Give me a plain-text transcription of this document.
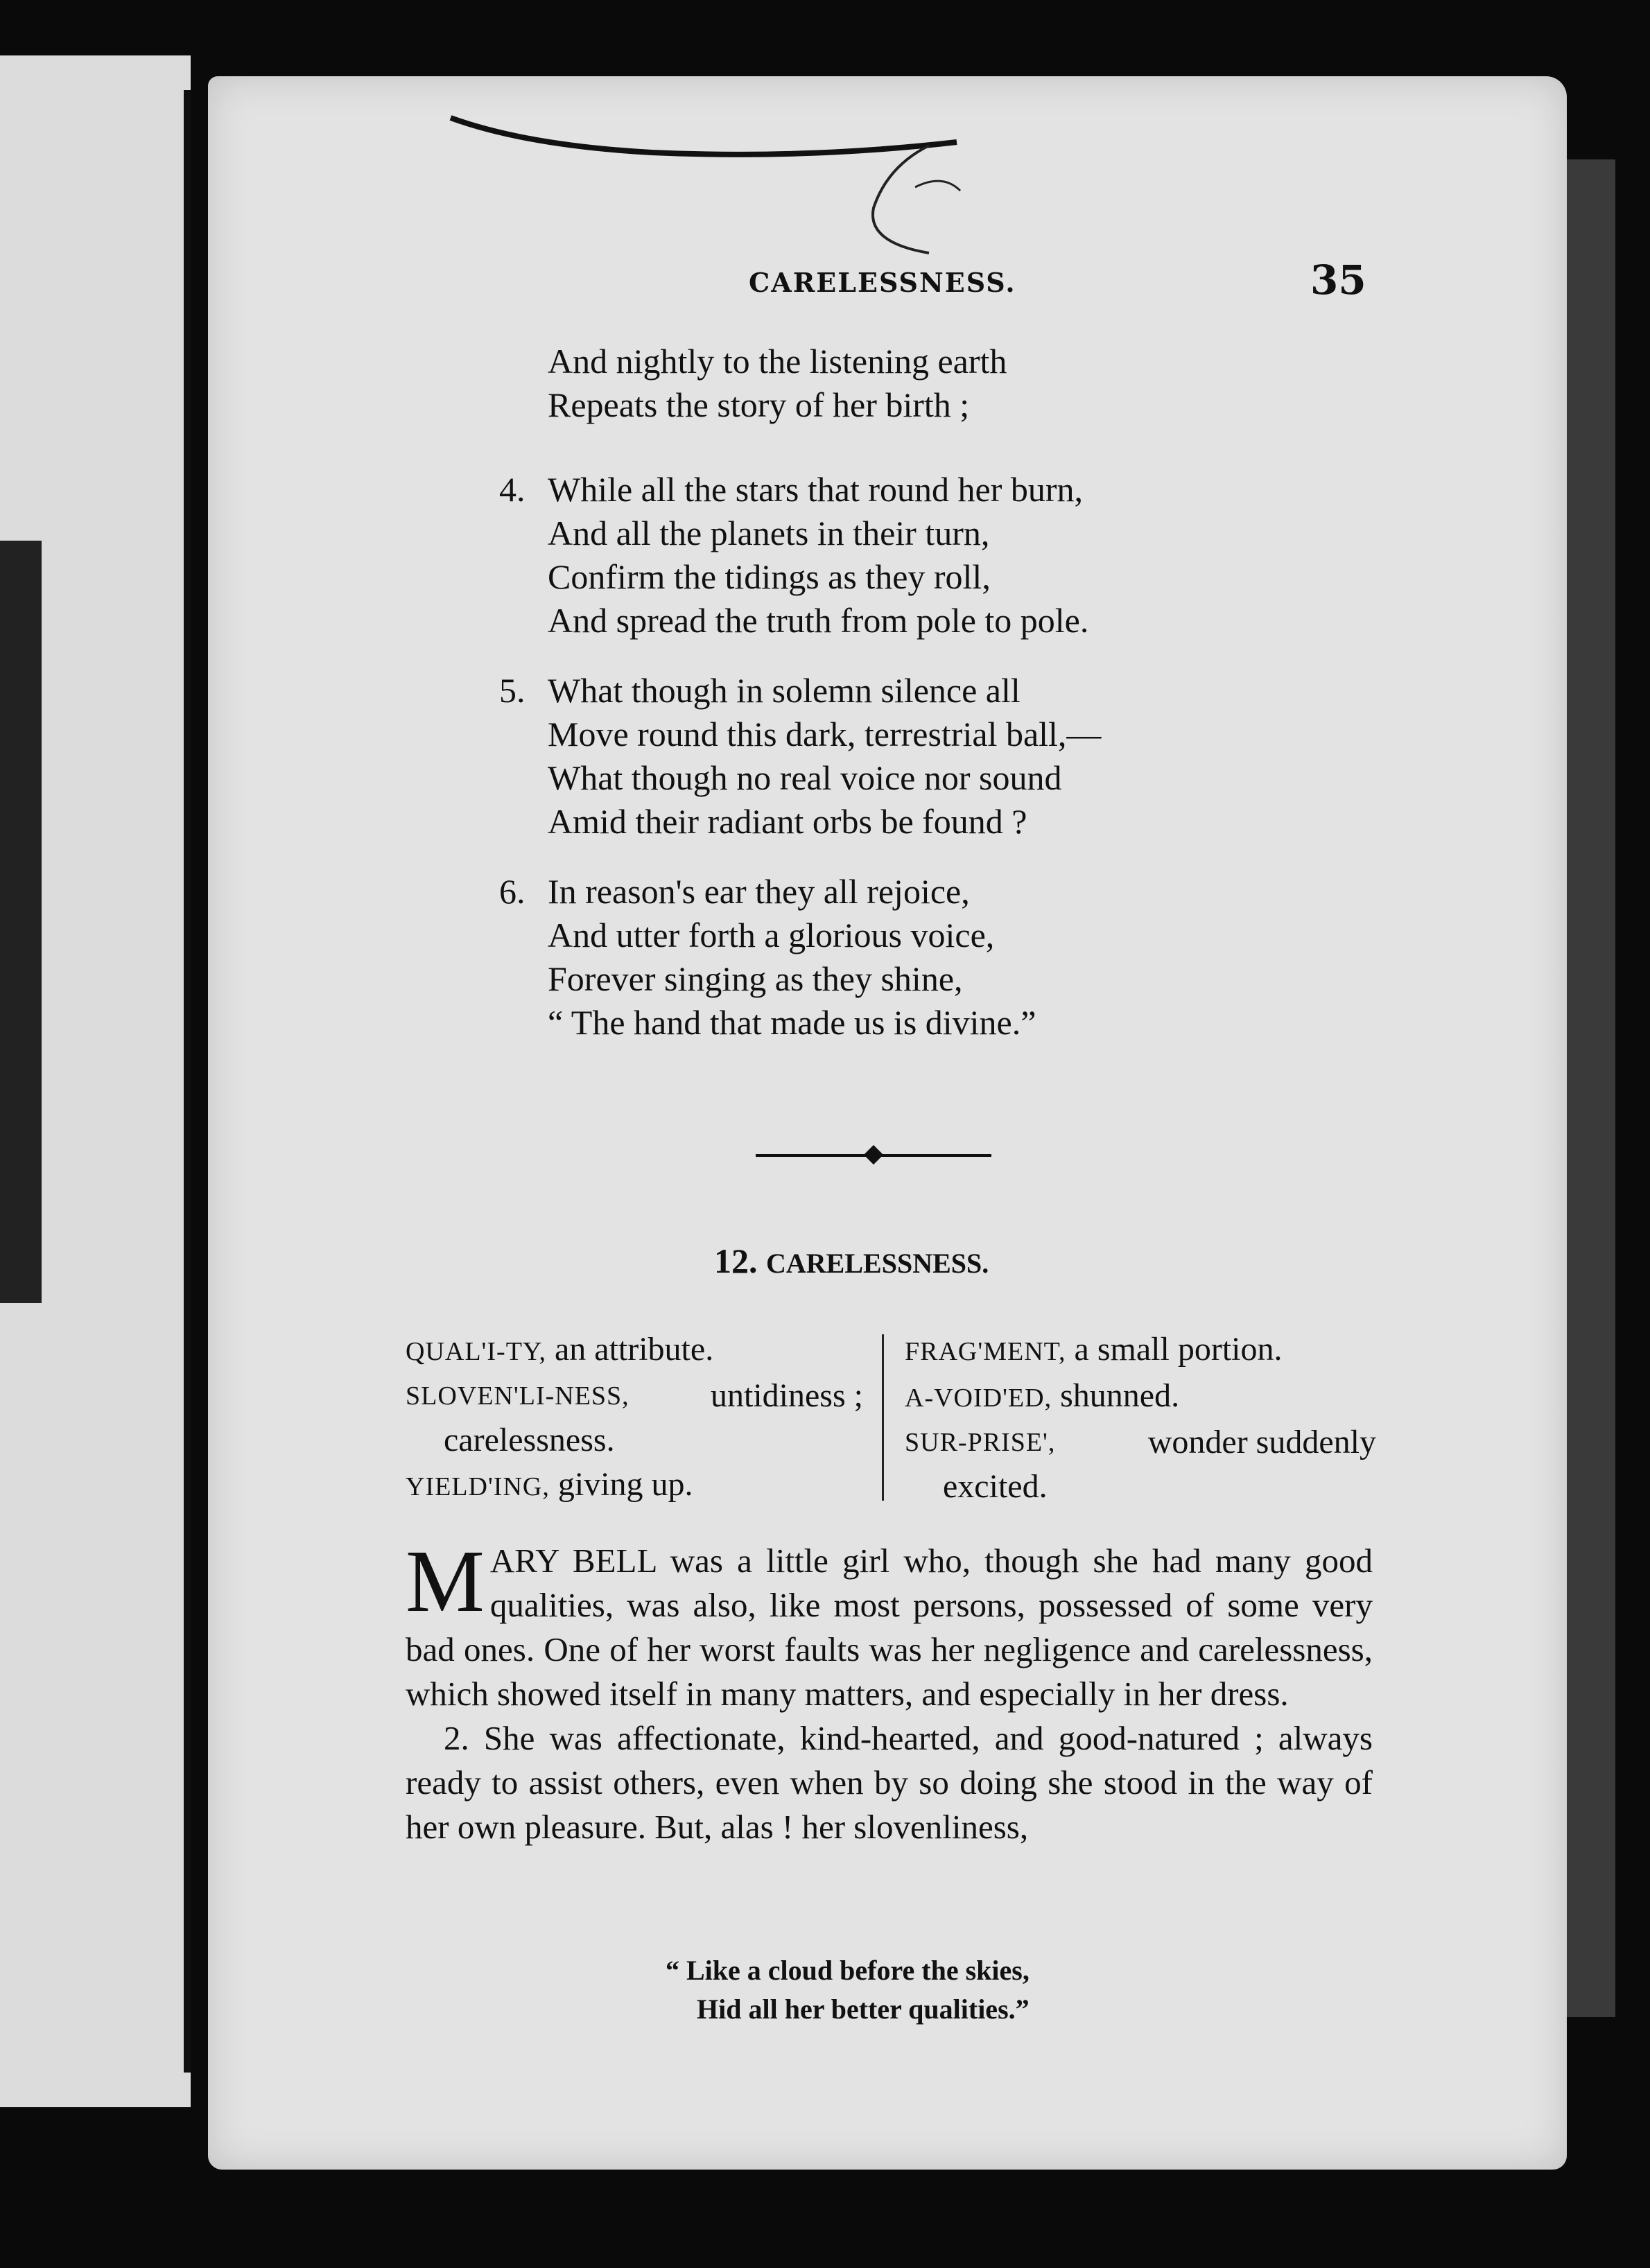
CARELESSNESS.	35
And nightly to the listening earth
Repeats the story of her birth ;
4. While all the stars that round her burn,
And all the planets in their turn,
Confirm the tidings as they roll,
And spread the truth from pole to pole.
5. What though in solemn silence all
Move round this dark, terrestrial ball,—
What though no real voice nor sound
Amid their radiant orbs be found ?
6. In reason's ear they all rejoice,
And utter forth a glorious voice,
Forever singing as they shine,
“ The hand that made us is divine.”
12. CARELESSNESS.
QUAL'I-TY, an attribute.
SLOVEN'LI-NESS, untidiness ;
carelessness.
YIELD'ING, giving up.
FRAG'MENT, a small portion.
A-VOID'ED, shunned.
SUR-PRISE',	wonder suddenly
excited.

MARY BELL was a little girl who, though she had many good qualities, was also, like most persons, possessed of some very bad ones. One of her worst faults was her negligence and carelessness, which showed itself in many matters, and especially in her dress.

2. She was affectionate, kind-hearted, and good-natured ; always ready to assist others, even when by so doing she stood in the way of her own pleasure. But, alas ! her slovenliness,

“ Like a cloud before the skies,
Hid all her better qualities.”
